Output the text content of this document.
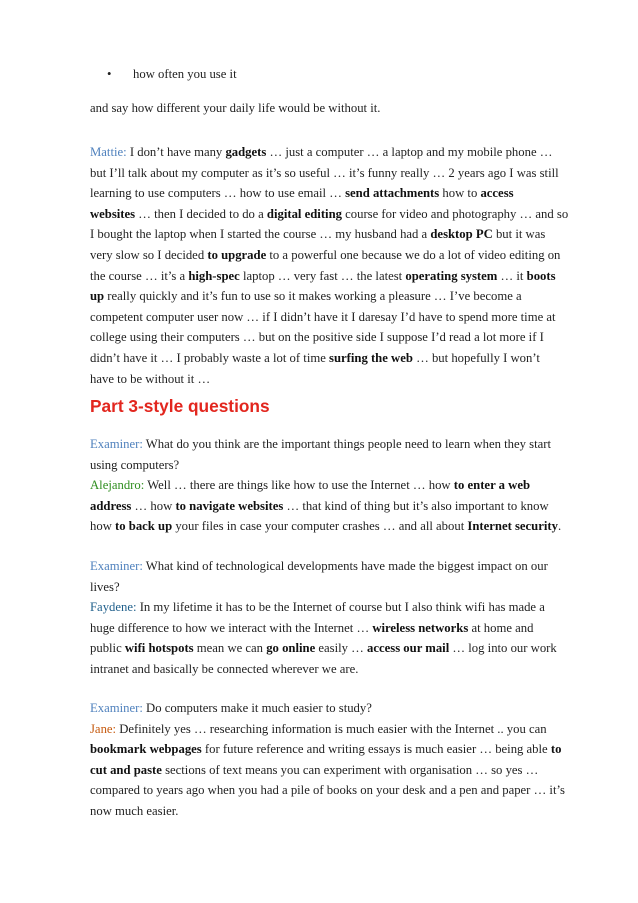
• how often you use it
and say how different your daily life would be without it.
Mattie: I don’t have many gadgets … just a computer … a laptop and my mobile phone …
but I’ll talk about my computer as it’s so useful … it’s funny really … 2 years ago I was still
learning to use computers … how to use email … send attachments how to access
websites … then I decided to do a digital editing course for video and photography … and so
I bought the laptop when I started the course … my husband had a desktop PC but it was
very slow so I decided to upgrade to a powerful one because we do a lot of video editing on
the course … it’s a high-spec laptop … very fast … the latest operating system … it boots
up really quickly and it’s fun to use so it makes working a pleasure … I’ve become a
competent computer user now … if I didn’t have it I daresay I’d have to spend more time at
college using their computers … but on the positive side I suppose I’d read a lot more if I
didn’t have it … I probably waste a lot of time surfing the web … but hopefully I won’t
have to be without it …
Part 3-style questions
Examiner: What do you think are the important things people need to learn when they start
using computers?
Alejandro: Well … there are things like how to use the Internet … how to enter a web
address … how to navigate websites … that kind of thing but it’s also important to know
how to back up your files in case your computer crashes … and all about Internet security.
Examiner: What kind of technological developments have made the biggest impact on our
lives?
Faydene: In my lifetime it has to be the Internet of course but I also think wifi has made a
huge difference to how we interact with the Internet … wireless networks at home and
public wifi hotspots mean we can go online easily … access our mail … log into our work
intranet and basically be connected wherever we are.
Examiner: Do computers make it much easier to study?
Jane: Definitely yes … researching information is much easier with the Internet .. you can
bookmark webpages for future reference and writing essays is much easier … being able to
cut and paste sections of text means you can experiment with organisation … so yes …
compared to years ago when you had a pile of books on your desk and a pen and paper … it’s
now much easier.
